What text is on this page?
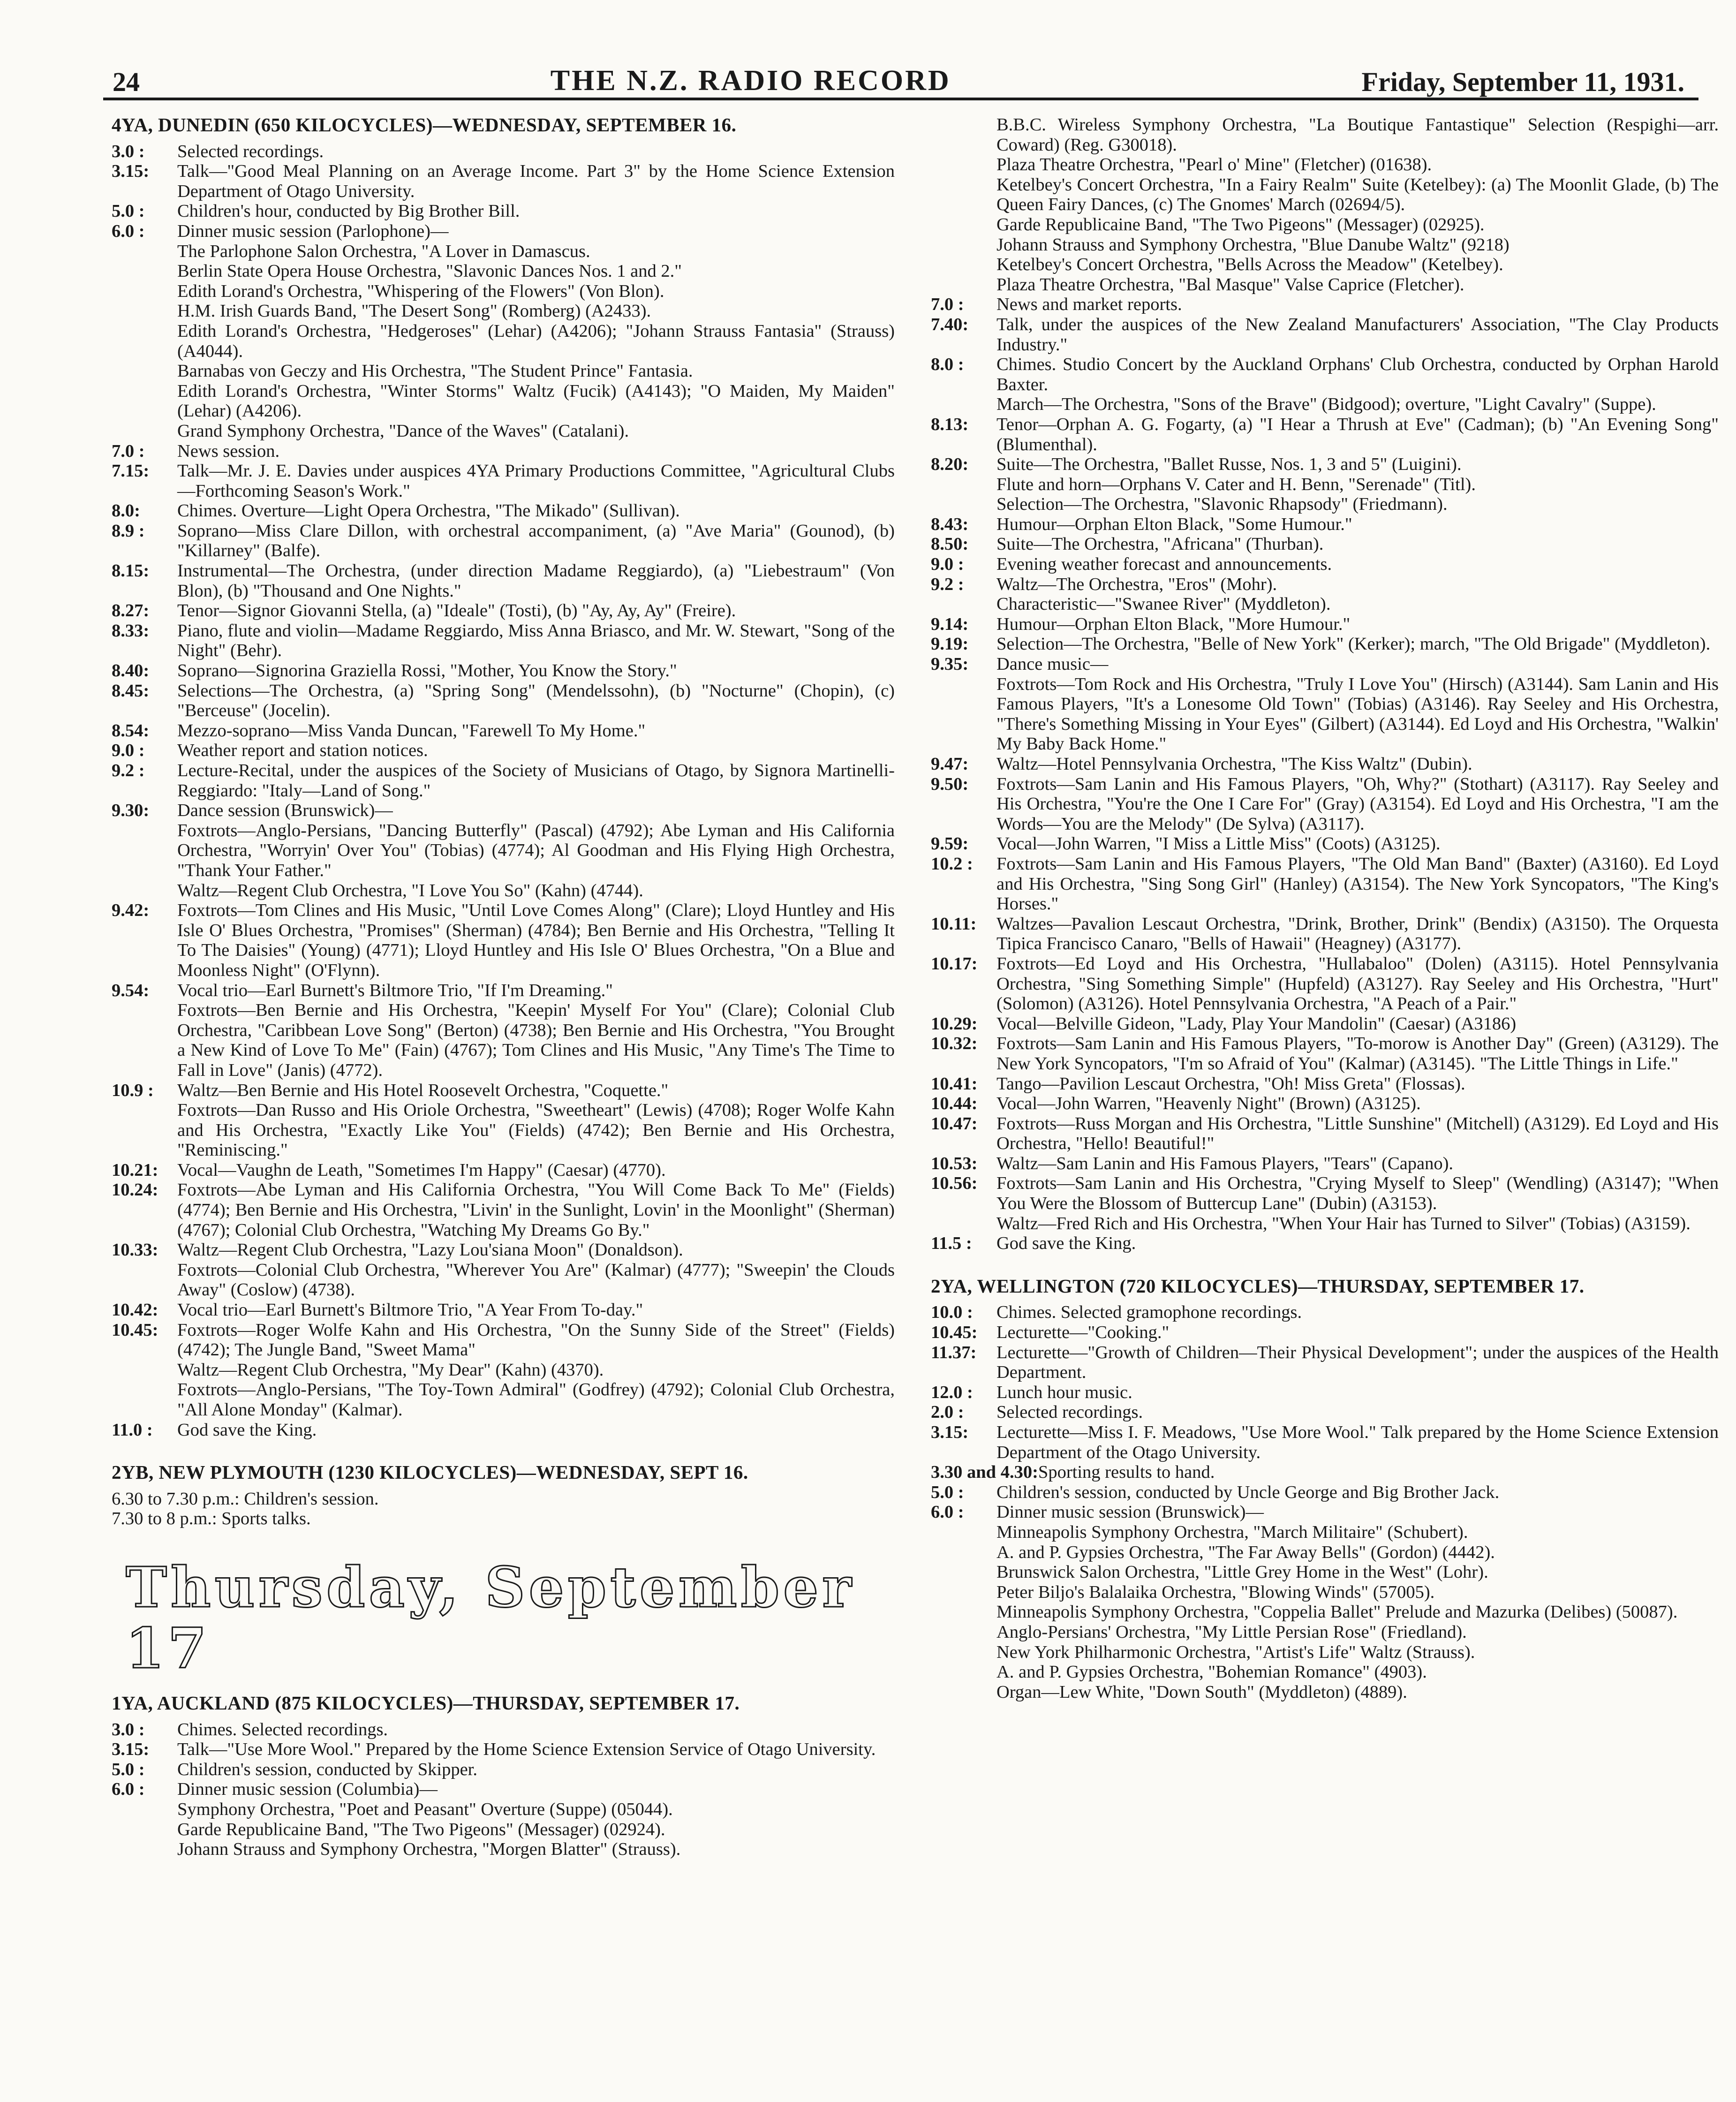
24	THE N.Z. RADIO RECORD	Friday, September 11, 1931.
4YA, DUNEDIN (650 KILOCYCLES)—WEDNESDAY, SEPTEMBER 16.
3.0 :	Selected recordings.
3.15:	Talk—"Good Meal Planning on an Average Income. Part 3" by the Home Science Extension Department of Otago University.
5.0 :	Children's hour, conducted by Big Brother Bill.
6.0 :	Dinner music session (Parlophone)—
The Parlophone Salon Orchestra, "A Lover in Damascus.
Berlin State Opera House Orchestra, "Slavonic Dances Nos. 1 and 2."
Edith Lorand's Orchestra, "Whispering of the Flowers" (Von Blon).
H.M. Irish Guards Band, "The Desert Song" (Romberg) (A2433).
Edith Lorand's Orchestra, "Hedgeroses" (Lehar) (A4206); "Johann Strauss Fantasia" (Strauss) (A4044).
Barnabas von Geczy and His Orchestra, "The Student Prince" Fantasia.
Edith Lorand's Orchestra, "Winter Storms" Waltz (Fucik) (A4143); "O Maiden, My Maiden" (Lehar) (A4206).
Grand Symphony Orchestra, "Dance of the Waves" (Catalani).
7.0 :	News session.
7.15:	Talk—Mr. J. E. Davies under auspices 4YA Primary Productions Committee, "Agricultural Clubs—Forthcoming Season's Work."
8.0:	Chimes. Overture—Light Opera Orchestra, "The Mikado" (Sullivan).
8.9 :	Soprano—Miss Clare Dillon, with orchestral accompaniment, (a) "Ave Maria" (Gounod), (b) "Killarney" (Balfe).
8.15:	Instrumental—The Orchestra, (under direction Madame Reggiardo), (a) "Liebestraum" (Von Blon), (b) "Thousand and One Nights."
8.27:	Tenor—Signor Giovanni Stella, (a) "Ideale" (Tosti), (b) "Ay, Ay, Ay" (Freire).
8.33:	Piano, flute and violin—Madame Reggiardo, Miss Anna Briasco, and Mr. W. Stewart, "Song of the Night" (Behr).
8.40:	Soprano—Signorina Graziella Rossi, "Mother, You Know the Story."
8.45:	Selections—The Orchestra, (a) "Spring Song" (Mendelssohn), (b) "Nocturne" (Chopin), (c) "Berceuse" (Jocelin).
8.54:	Mezzo-soprano—Miss Vanda Duncan, "Farewell To My Home."
9.0 :	Weather report and station notices.
9.2 :	Lecture-Recital, under the auspices of the Society of Musicians of Otago, by Signora Martinelli-Reggiardo: "Italy—Land of Song."
9.30:	Dance session (Brunswick)—
Foxtrots—Anglo-Persians, "Dancing Butterfly" (Pascal) (4792); Abe Lyman and His California Orchestra, "Worryin' Over You" (Tobias) (4774); Al Goodman and His Flying High Orchestra, "Thank Your Father."
Waltz—Regent Club Orchestra, "I Love You So" (Kahn) (4744).
9.42:	Foxtrots—Tom Clines and His Music, "Until Love Comes Along" (Clare); Lloyd Huntley and His Isle O' Blues Orchestra, "Promises" (Sherman) (4784); Ben Bernie and His Orchestra, "Telling It To The Daisies" (Young) (4771); Lloyd Huntley and His Isle O' Blues Orchestra, "On a Blue and Moonless Night" (O'Flynn).
9.54:	Vocal trio—Earl Burnett's Biltmore Trio, "If I'm Dreaming."
Foxtrots—Ben Bernie and His Orchestra, "Keepin' Myself For You" (Clare); Colonial Club Orchestra, "Caribbean Love Song" (Berton) (4738); Ben Bernie and His Orchestra, "You Brought a New Kind of Love To Me" (Fain) (4767); Tom Clines and His Music, "Any Time's The Time to Fall in Love" (Janis) (4772).
10.9 :	Waltz—Ben Bernie and His Hotel Roosevelt Orchestra, "Coquette."
Foxtrots—Dan Russo and His Oriole Orchestra, "Sweetheart" (Lewis) (4708); Roger Wolfe Kahn and His Orchestra, "Exactly Like You" (Fields) (4742); Ben Bernie and His Orchestra, "Reminiscing."
10.21:	Vocal—Vaughn de Leath, "Sometimes I'm Happy" (Caesar) (4770).
10.24:	Foxtrots—Abe Lyman and His California Orchestra, "You Will Come Back To Me" (Fields) (4774); Ben Bernie and His Orchestra, "Livin' in the Sunlight, Lovin' in the Moonlight" (Sherman) (4767); Colonial Club Orchestra, "Watching My Dreams Go By."
10.33:	Waltz—Regent Club Orchestra, "Lazy Lou'siana Moon" (Donaldson).
Foxtrots—Colonial Club Orchestra, "Wherever You Are" (Kalmar) (4777); "Sweepin' the Clouds Away" (Coslow) (4738).
10.42:	Vocal trio—Earl Burnett's Biltmore Trio, "A Year From To-day."
10.45:	Foxtrots—Roger Wolfe Kahn and His Orchestra, "On the Sunny Side of the Street" (Fields) (4742); The Jungle Band, "Sweet Mama"
Waltz—Regent Club Orchestra, "My Dear" (Kahn) (4370).
Foxtrots—Anglo-Persians, "The Toy-Town Admiral" (Godfrey) (4792); Colonial Club Orchestra, "All Alone Monday" (Kalmar).
11.0 :	God save the King.
2YB, NEW PLYMOUTH (1230 KILOCYCLES)—WEDNESDAY, SEPT 16.
6.30 to 7.30 p.m.: Children's session.
7.30 to 8 p.m.: Sports talks.
Thursday, September 17
1YA, AUCKLAND (875 KILOCYCLES)—THURSDAY, SEPTEMBER 17.
3.0 :	Chimes. Selected recordings.
3.15:	Talk—"Use More Wool." Prepared by the Home Science Extension Service of Otago University.
5.0 :	Children's session, conducted by Skipper.
6.0 :	Dinner music session (Columbia)—
Symphony Orchestra, "Poet and Peasant" Overture (Suppe) (05044).
Garde Republicaine Band, "The Two Pigeons" (Messager) (02924).
Johann Strauss and Symphony Orchestra, "Morgen Blatter" (Strauss).
B.B.C. Wireless Symphony Orchestra, "La Boutique Fantastique" Selection (Respighi—arr. Coward) (Reg. G30018).
Plaza Theatre Orchestra, "Pearl o' Mine" (Fletcher) (01638).
Ketelbey's Concert Orchestra, "In a Fairy Realm" Suite (Ketelbey): (a) The Moonlit Glade, (b) The Queen Fairy Dances, (c) The Gnomes' March (02694/5).
Garde Republicaine Band, "The Two Pigeons" (Messager) (02925).
Johann Strauss and Symphony Orchestra, "Blue Danube Waltz" (9218)
Ketelbey's Concert Orchestra, "Bells Across the Meadow" (Ketelbey).
Plaza Theatre Orchestra, "Bal Masque" Valse Caprice (Fletcher).
7.0 :	News and market reports.
7.40:	Talk, under the auspices of the New Zealand Manufacturers' Association, "The Clay Products Industry."
8.0 :	Chimes. Studio Concert by the Auckland Orphans' Club Orchestra, conducted by Orphan Harold Baxter.
March—The Orchestra, "Sons of the Brave" (Bidgood); overture, "Light Cavalry" (Suppe).
8.13:	Tenor—Orphan A. G. Fogarty, (a) "I Hear a Thrush at Eve" (Cadman); (b) "An Evening Song" (Blumenthal).
8.20:	Suite—The Orchestra, "Ballet Russe, Nos. 1, 3 and 5" (Luigini).
Flute and horn—Orphans V. Cater and H. Benn, "Serenade" (Titl).
Selection—The Orchestra, "Slavonic Rhapsody" (Friedmann).
8.43:	Humour—Orphan Elton Black, "Some Humour."
8.50:	Suite—The Orchestra, "Africana" (Thurban).
9.0 :	Evening weather forecast and announcements.
9.2 :	Waltz—The Orchestra, "Eros" (Mohr).
Characteristic—"Swanee River" (Myddleton).
9.14:	Humour—Orphan Elton Black, "More Humour."
9.19:	Selection—The Orchestra, "Belle of New York" (Kerker); march, "The Old Brigade" (Myddleton).
9.35:	Dance music—
Foxtrots—Tom Rock and His Orchestra, "Truly I Love You" (Hirsch) (A3144). Sam Lanin and His Famous Players, "It's a Lonesome Old Town" (Tobias) (A3146). Ray Seeley and His Orchestra, "There's Something Missing in Your Eyes" (Gilbert) (A3144). Ed Loyd and His Orchestra, "Walkin' My Baby Back Home."
9.47:	Waltz—Hotel Pennsylvania Orchestra, "The Kiss Waltz" (Dubin).
9.50:	Foxtrots—Sam Lanin and His Famous Players, "Oh, Why?" (Stothart) (A3117). Ray Seeley and His Orchestra, "You're the One I Care For" (Gray) (A3154). Ed Loyd and His Orchestra, "I am the Words—You are the Melody" (De Sylva) (A3117).
9.59:	Vocal—John Warren, "I Miss a Little Miss" (Coots) (A3125).
10.2 :	Foxtrots—Sam Lanin and His Famous Players, "The Old Man Band" (Baxter) (A3160). Ed Loyd and His Orchestra, "Sing Song Girl" (Hanley) (A3154). The New York Syncopators, "The King's Horses."
10.11:	Waltzes—Pavalion Lescaut Orchestra, "Drink, Brother, Drink" (Bendix) (A3150). The Orquesta Tipica Francisco Canaro, "Bells of Hawaii" (Heagney) (A3177).
10.17:	Foxtrots—Ed Loyd and His Orchestra, "Hullabaloo" (Dolen) (A3115). Hotel Pennsylvania Orchestra, "Sing Something Simple" (Hupfeld) (A3127). Ray Seeley and His Orchestra, "Hurt" (Solomon) (A3126). Hotel Pennsylvania Orchestra, "A Peach of a Pair."
10.29:	Vocal—Belville Gideon, "Lady, Play Your Mandolin" (Caesar) (A3186)
10.32:	Foxtrots—Sam Lanin and His Famous Players, "To-morow is Another Day" (Green) (A3129). The New York Syncopators, "I'm so Afraid of You" (Kalmar) (A3145). "The Little Things in Life."
10.41:	Tango—Pavilion Lescaut Orchestra, "Oh! Miss Greta" (Flossas).
10.44:	Vocal—John Warren, "Heavenly Night" (Brown) (A3125).
10.47:	Foxtrots—Russ Morgan and His Orchestra, "Little Sunshine" (Mitchell) (A3129). Ed Loyd and His Orchestra, "Hello! Beautiful!"
10.53:	Waltz—Sam Lanin and His Famous Players, "Tears" (Capano).
10.56:	Foxtrots—Sam Lanin and His Orchestra, "Crying Myself to Sleep" (Wendling) (A3147); "When You Were the Blossom of Buttercup Lane" (Dubin) (A3153).
Waltz—Fred Rich and His Orchestra, "When Your Hair has Turned to Silver" (Tobias) (A3159).
11.5 :	God save the King.
2YA, WELLINGTON (720 KILOCYCLES)—THURSDAY, SEPTEMBER 17.
10.0 :	Chimes. Selected gramophone recordings.
10.45:	Lecturette—"Cooking."
11.37:	Lecturette—"Growth of Children—Their Physical Development"; under the auspices of the Health Department.
12.0 :	Lunch hour music.
2.0 :	Selected recordings.
3.15:	Lecturette—Miss I. F. Meadows, "Use More Wool." Talk prepared by the Home Science Extension Department of the Otago University.
3.30 and 4.30: Sporting results to hand.
5.0 :	Children's session, conducted by Uncle George and Big Brother Jack.
6.0 :	Dinner music session (Brunswick)—
Minneapolis Symphony Orchestra, "March Militaire" (Schubert).
A. and P. Gypsies Orchestra, "The Far Away Bells" (Gordon) (4442).
Brunswick Salon Orchestra, "Little Grey Home in the West" (Lohr).
Peter Biljo's Balalaika Orchestra, "Blowing Winds" (57005).
Minneapolis Symphony Orchestra, "Coppelia Ballet" Prelude and Mazurka (Delibes) (50087).
Anglo-Persians' Orchestra, "My Little Persian Rose" (Friedland).
New York Philharmonic Orchestra, "Artist's Life" Waltz (Strauss).
A. and P. Gypsies Orchestra, "Bohemian Romance" (4903).
Organ—Lew White, "Down South" (Myddleton) (4889).
